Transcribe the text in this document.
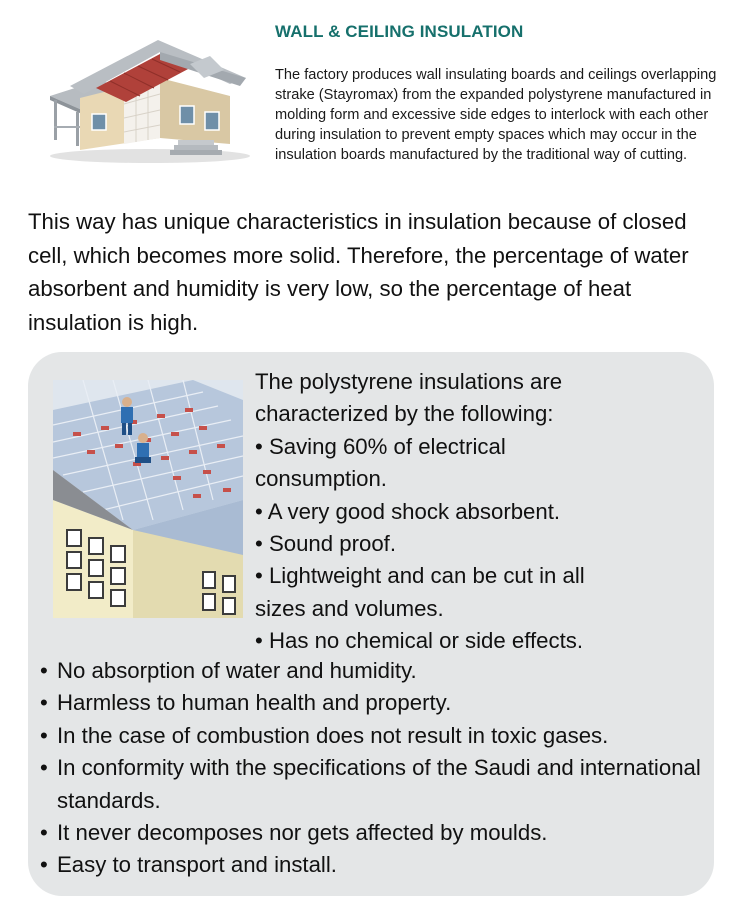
WALL & CEILING INSULATION

The factory produces wall insulating boards and ceilings overlapping strake (Stayromax) from the expanded polystyrene manufactured in molding form and excessive side edges to interlock with each other during insulation to prevent empty spaces which may occur in the insulation boards manufactured by the traditional way of cutting.

This way has unique characteristics in insulation because of closed cell, which becomes more solid. Therefore, the percentage of water absorbent and humidity is very low, so the percentage of heat insulation is high.

The polystyrene insulations are
characterized by the following:
• Saving 60% of electrical
consumption.
• A very good shock absorbent.
• Sound proof.
• Lightweight and can be cut in all
sizes and volumes.
• Has no chemical or side effects.

• No absorption of water and humidity.
• Harmless to human health and property.
• In the case of combustion does not result in toxic gases.
• In conformity with the specifications of the Saudi and international standards.
• It never decomposes nor gets affected by moulds.
• Easy to transport and install.
